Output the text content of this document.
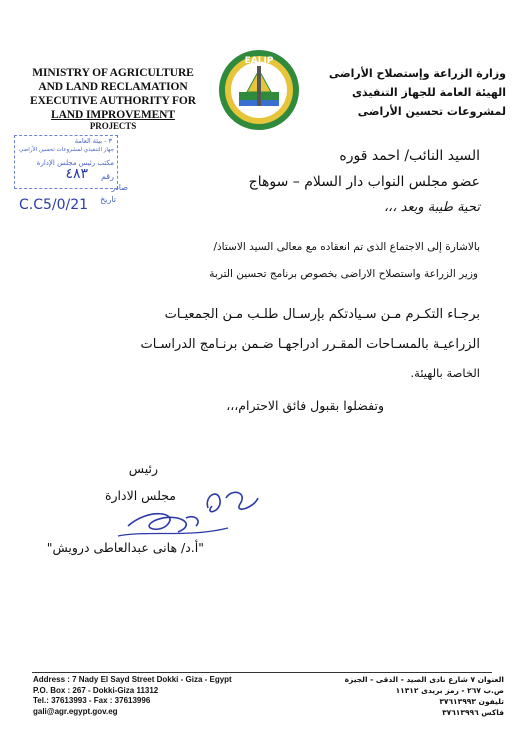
MINISTRY OF AGRICULTURE
AND LAND RECLAMATION
EXECUTIVE AUTHORITY FOR
LAND IMPROVEMENT
PROJECTS
EALIP
وزارة الزراعة وإستصلاح الأراضى
الهيئة العامة للجهاز التنفيذى
لمشروعات تحسين الأراضى
٣ - بيئة العامة
جهاز التنفيذي لمشروعات تحسين الأراضي
مكتب رئيس مجلس الإدارة
رقم
٤٨٣
صادر
تاريخ
C.C5/0/21
السيد النائب/ احمد قوره
عضو مجلس النواب دار السلام – سوهاج
تحية طيبة وبعد ،،،
بالاشارة إلى الاجتماع الذى تم انعقاده مع معالى السيد الاستاذ/
وزير الزراعة واستصلاح الاراضى بخصوص برنامج تحسين التربة
برجـاء التكـرم مـن سـيادتكم بإرسـال طلـب مـن الجمعيـات
الزراعيـة بالمسـاحات المقـرر ادراجهـا ضـمن برنـامج الدراسـات
الخاصة بالهيئة.
وتفضلوا بقبول فائق الاحترام،،،
رئيس
مجلس الادارة
"أ.د/ هانى عبدالعاطى درويش"
Address : 7 Nady El Sayd Street Dokki - Giza - Egypt
P.O. Box : 267 - Dokki-Giza 11312
Tel.: 37613993 - Fax : 37613996
gali@agr.egypt.gov.eg
العنوان ٧ شارع نادى الصيد - الدقى - الجيزة
ص.ب ٢٦٧ - رمز بريدى ١١٣١٢
تليفون ٣٧٦١٣٩٩٣
فاكس ٣٧٦١٣٩٩٦
